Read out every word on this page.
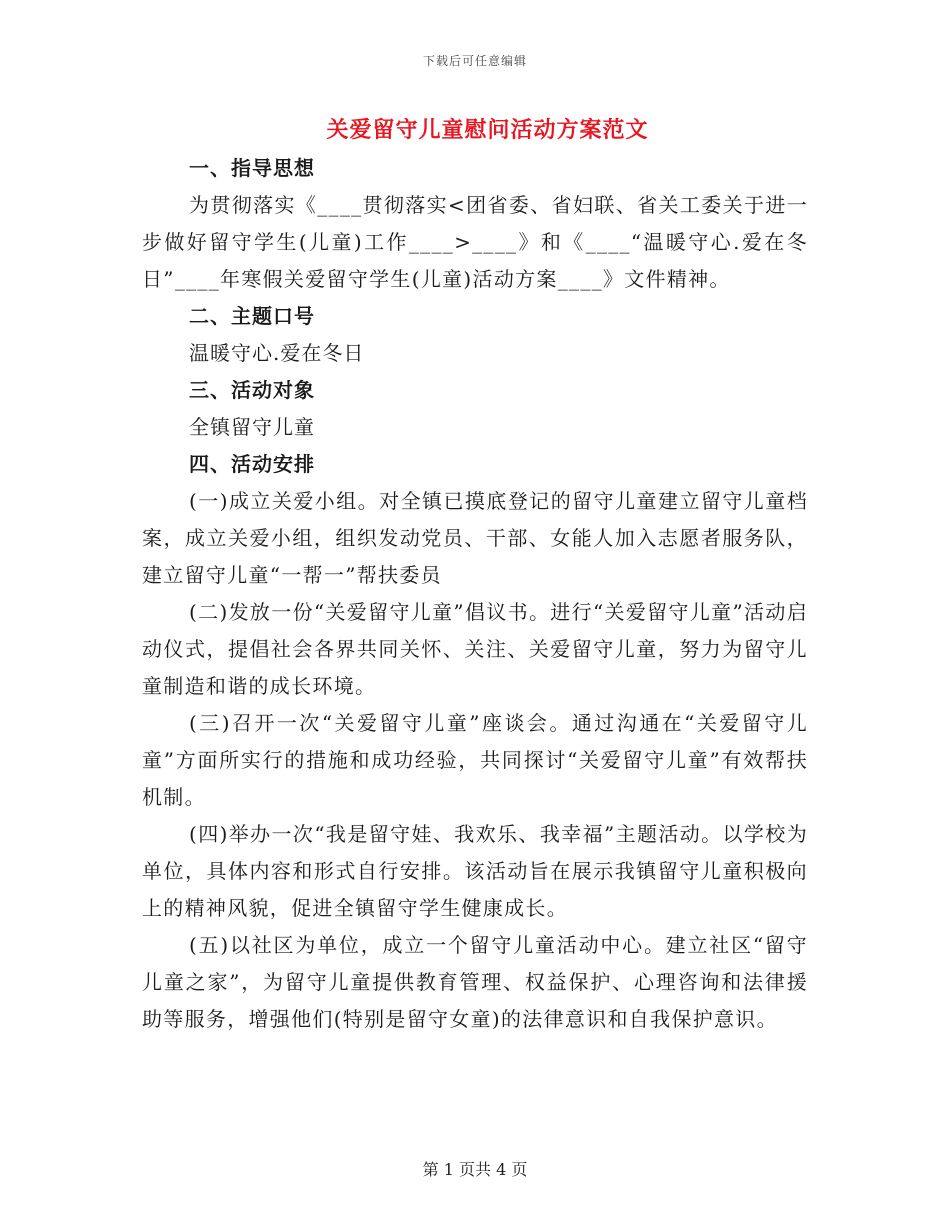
下载后可任意编辑
关爱留守儿童慰问活动方案范文

一、指导思想

为贯彻落实《____贯彻落实<团省委、省妇联、省关工委关于进一步做好留守学生(儿童)工作____>____》和《____“温暖守心.爱在冬日”____年寒假关爱留守学生(儿童)活动方案____》文件精神。

二、主题口号

温暖守心.爱在冬日

三、活动对象

全镇留守儿童

四、活动安排

(一)成立关爱小组。对全镇已摸底登记的留守儿童建立留守儿童档案，成立关爱小组，组织发动党员、干部、女能人加入志愿者服务队，建立留守儿童“一帮一”帮扶委员

(二)发放一份“关爱留守儿童”倡议书。进行“关爱留守儿童”活动启动仪式，提倡社会各界共同关怀、关注、关爱留守儿童，努力为留守儿童制造和谐的成长环境。

(三)召开一次“关爱留守儿童”座谈会。通过沟通在“关爱留守儿童”方面所实行的措施和成功经验，共同探讨“关爱留守儿童”有效帮扶机制。

(四)举办一次“我是留守娃、我欢乐、我幸福”主题活动。以学校为单位，具体内容和形式自行安排。该活动旨在展示我镇留守儿童积极向上的精神风貌，促进全镇留守学生健康成长。

(五)以社区为单位，成立一个留守儿童活动中心。建立社区“留守儿童之家”，为留守儿童提供教育管理、权益保护、心理咨询和法律援助等服务，增强他们(特别是留守女童)的法律意识和自我保护意识。

第 1 页共 4 页
